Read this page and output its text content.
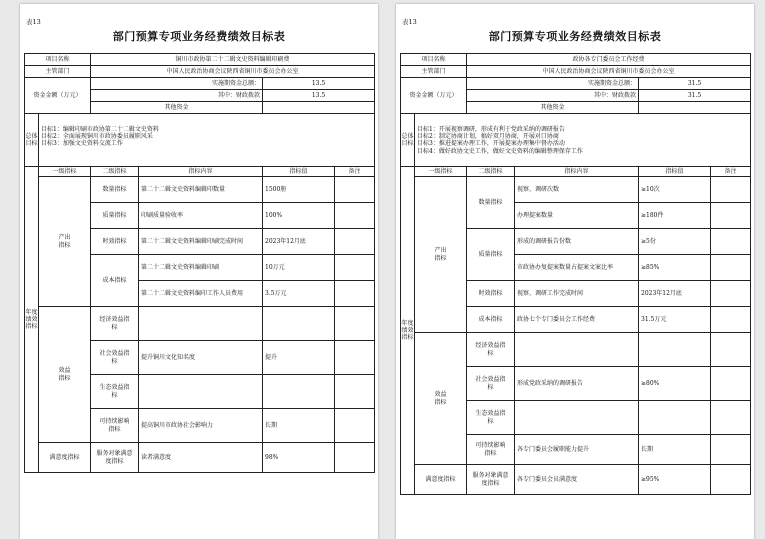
表13
部门预算专项业务经费绩效目标表
项目名称		铜川市政协第二十二辑文史资料编辑印刷费			
主管部门		中国人民政治协商会议陕西省铜川市委员会办公室			
资金金额（万元）		实施期资金总额：		13.5	
		其中：财政拨款		13.5	
		其他资金			
总体目标	目标1：编辑印刷市政协第二十二辑文史资料
目标2：全面展现铜川市政协委员履职风采
目标3：加强文史资料交流工作				

年度绩效指标	一级指标	二级指标	指标内容	指标值	备注
	产出指标	数量指标	第二十二辑文史资料编辑印数量	1500册	
		质量指标	印刷质量验收率	100%	
		时效指标	第二十二辑文史资料编辑印刷完成时间	2023年12月底	
		成本指标	第二十二辑文史资料编辑印刷	10万元	
			第二十二辑文史资料编印工作人员费用	3.5万元	
	效益指标	经济效益指标			
		社会效益指标	提升铜川文化知名度	提升	
		生态效益指标			
		可持续影响指标	提高铜川市政协社会影响力	长期	
	满意度指标	服务对象满意度指标	读者满意度	98%	
表13
部门预算专项业务经费绩效目标表
项目名称		政协各专门委员会工作经费			
主管部门		中国人民政治协商会议陕西省铜川市委员会办公室			
资金金额（万元）		实施期资金总额：		31.5	
		其中：财政拨款		31.5	
		其他资金			
总体目标	目标1：开展视察调研，形成有利于党政采纳的调研报告
目标2：制定协商计划，搞好双月协商，开展对口协商
目标3：推进提案办理工作，开展提案办理集中督办活动
目标4：做好政协文史工作，做好文史资料的编辑整理保存工作				

年度绩效指标	一级指标	二级指标	指标内容	指标值	备注
	产出指标	数量指标	视察、调研次数	≥10次	
			办理提案数量	≥180件	
		质量指标	形成的调研报告份数	≥5份	
			市政协办复提案数量占提案文案比率	≥85%	
		时效指标	视察、调研工作完成时间	2023年12月底	
		成本指标	政协七个专门委员会工作经费	31.5万元	
	效益指标	经济效益指标			
		社会效益指标	形成党政采纳的调研报告	≥80%	
		生态效益指标			
		可持续影响指标	各专门委员会履职能力提升	长期	
	满意度指标	服务对象满意度指标	各专门委员会员满意度	≥95%	
